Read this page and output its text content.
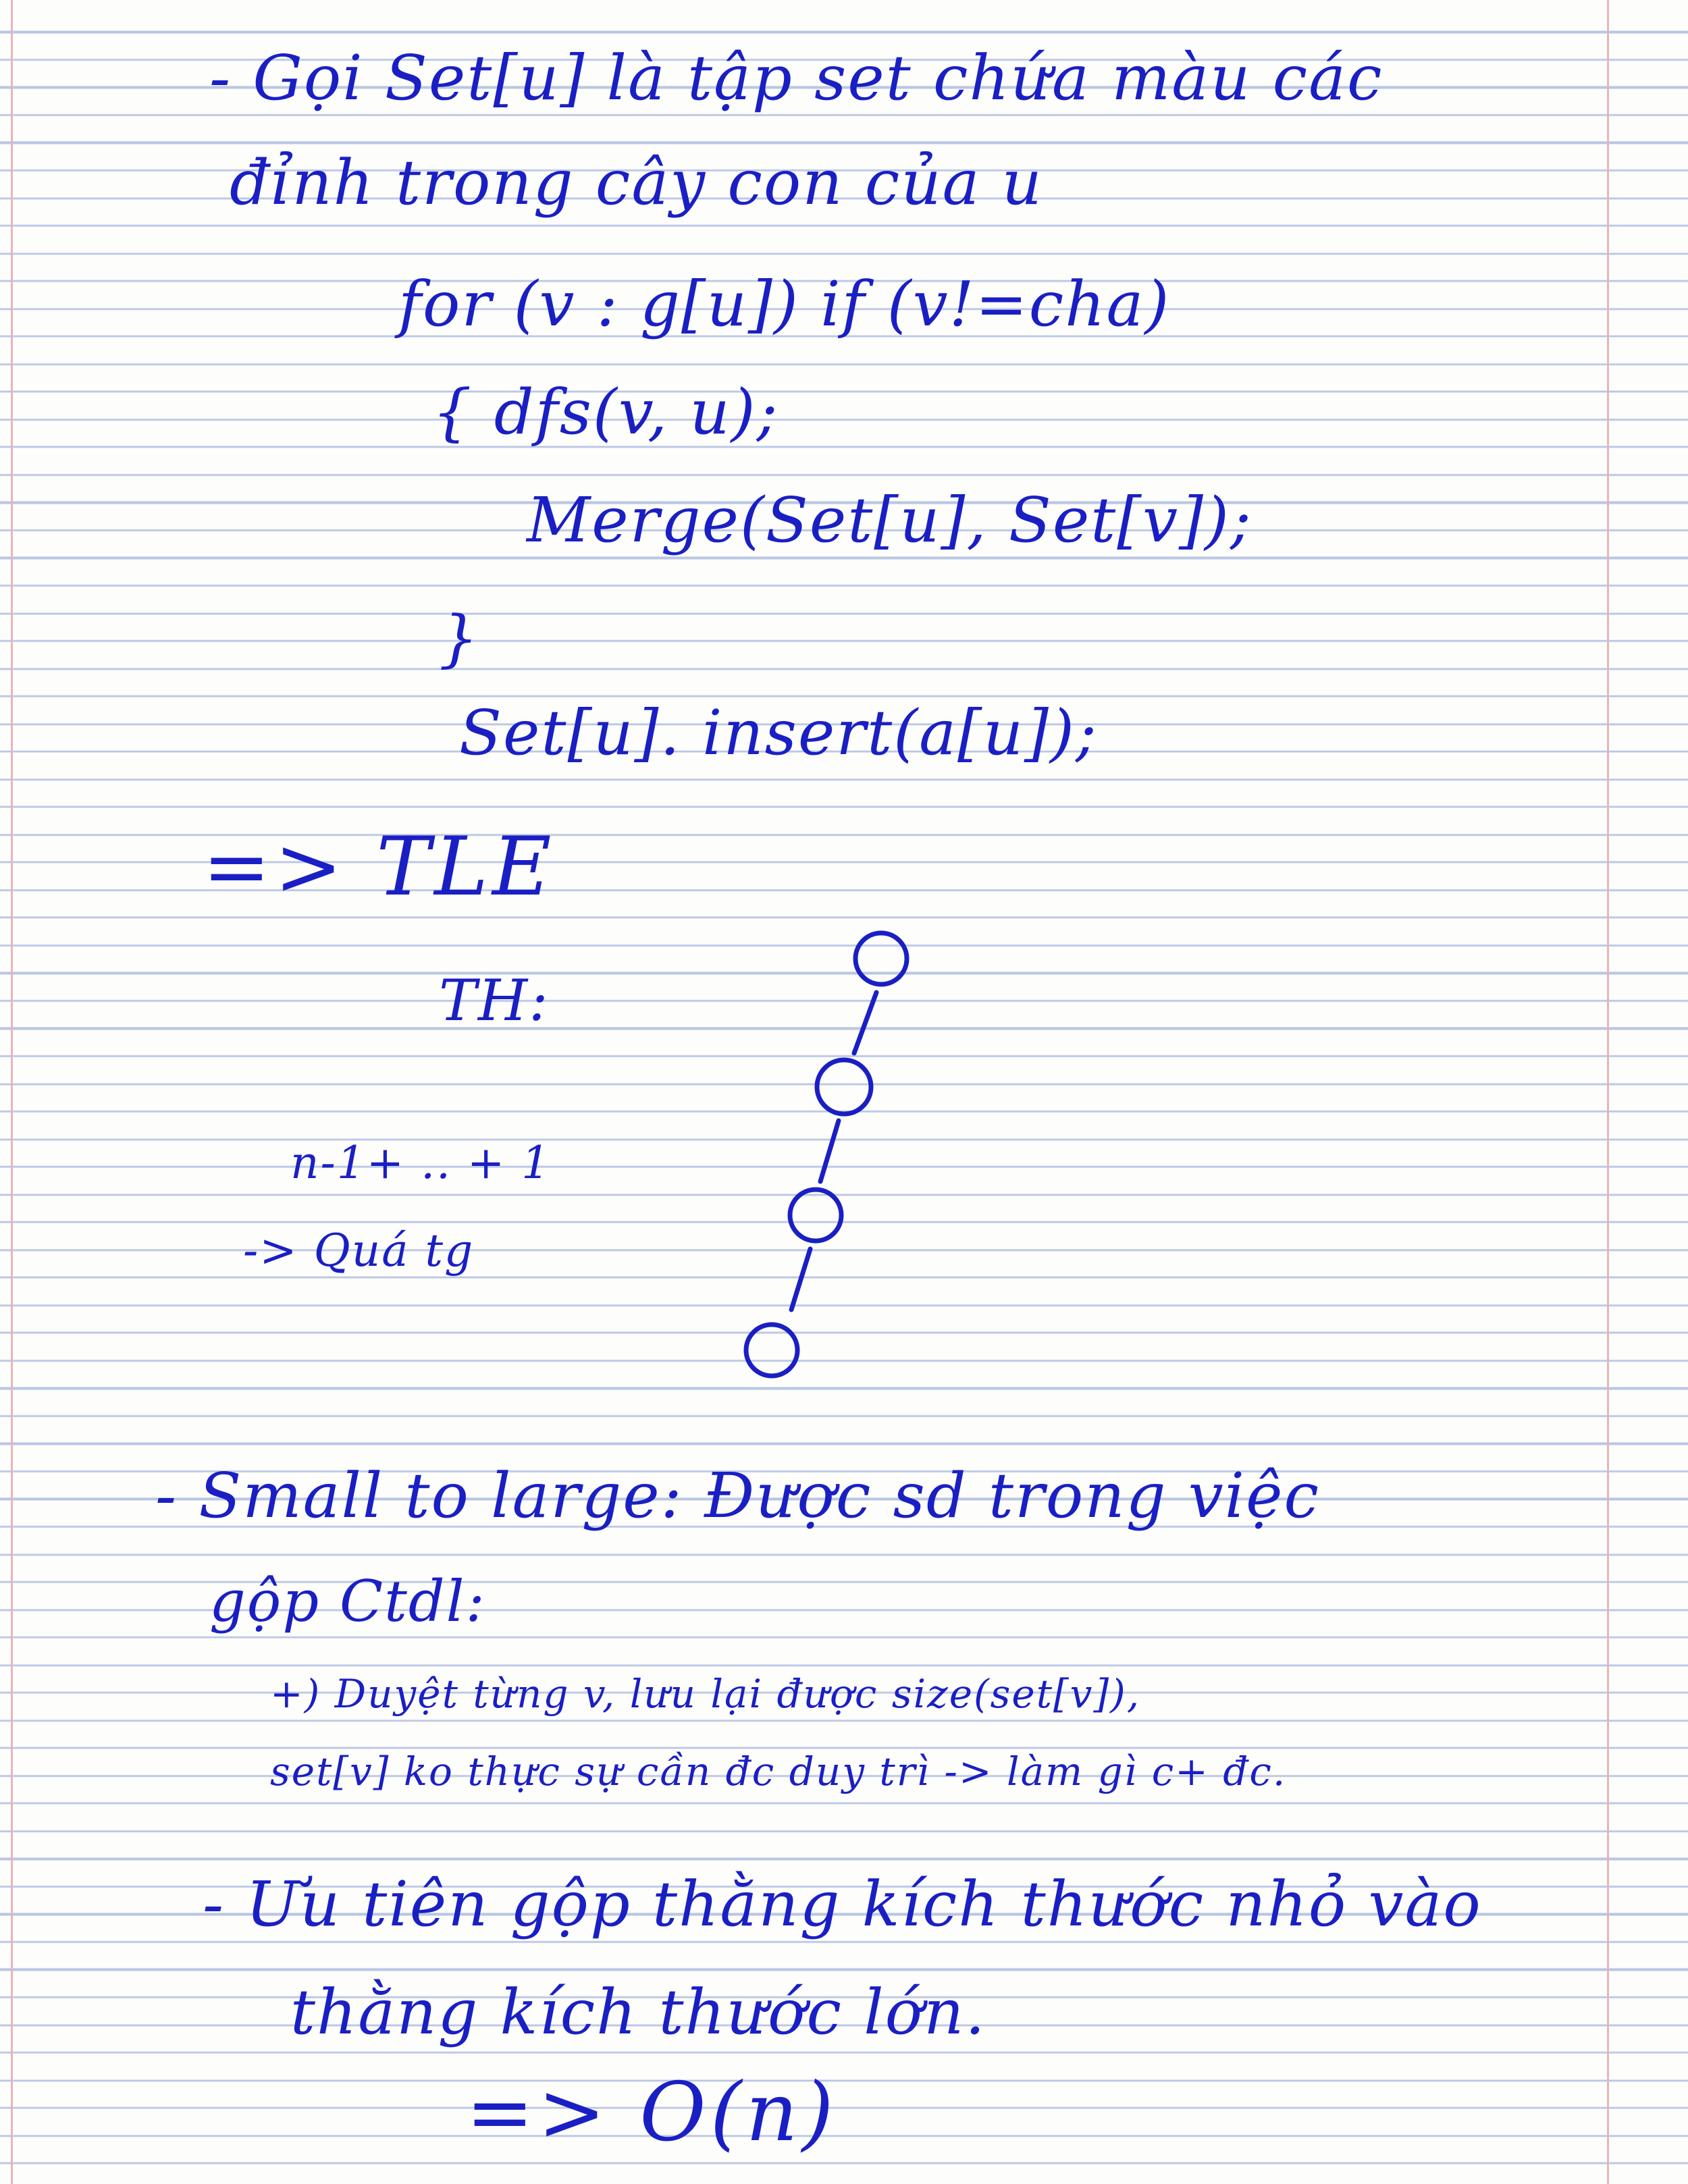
- Gọi Set[u] là tập set chứa màu các
đỉnh trong cây con của u
for (v : g[u]) if (v!=cha)
{ dfs(v, u);
Merge(Set[u], Set[v]);
}
Set[u]. insert(a[u]);
=> TLE
TH:
n-1+ .. + 1
-> Quá tg
- Small to large: Được sd trong việc
gộp Ctdl:
+) Duyệt từng v, lưu lại được size(set[v]),
set[v] ko thực sự cần đc duy trì -> làm gì c+ đc.
- Ưu tiên gộp thằng kích thước nhỏ vào
thằng kích thước lớn.
=> O(n)
